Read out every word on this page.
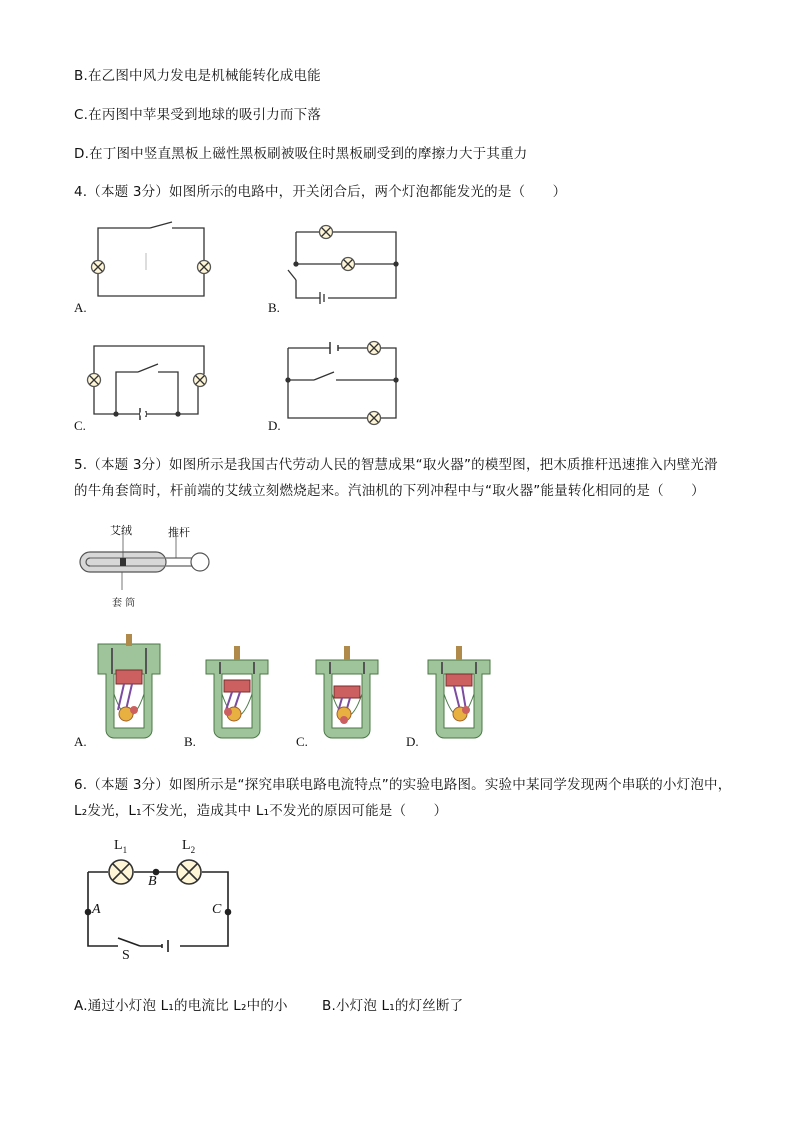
B.在乙图中风力发电是机械能转化成电能
C.在丙图中苹果受到地球的吸引力而下落
D.在丁图中竖直黑板上磁性黑板刷被吸住时黑板刷受到的摩擦力大于其重力
4.（本题 3分）如图所示的电路中，开关闭合后，两个灯泡都能发光的是（　　）
A.	B.
C.	D.
5.（本题 3分）如图所示是我国古代劳动人民的智慧成果“取火器”的模型图，把木质推杆迅速推入内壁光滑
的牛角套筒时，杆前端的艾绒立刻燃烧起来。汽油机的下列冲程中与“取火器”能量转化相同的是（　　）
艾绒	推杆
套 筒
A.	B.	C.	D.
6.（本题 3分）如图所示是“探究串联电路电流特点”的实验电路图。实验中某同学发现两个串联的小灯泡中，
L₂发光，L₁不发光，造成其中 L₁不发光的原因可能是（　　）
$L_1$	$L_2$
B
A	C
S
A.通过小灯泡 L₁的电流比 L₂中的小	B.小灯泡 L₁的灯丝断了
